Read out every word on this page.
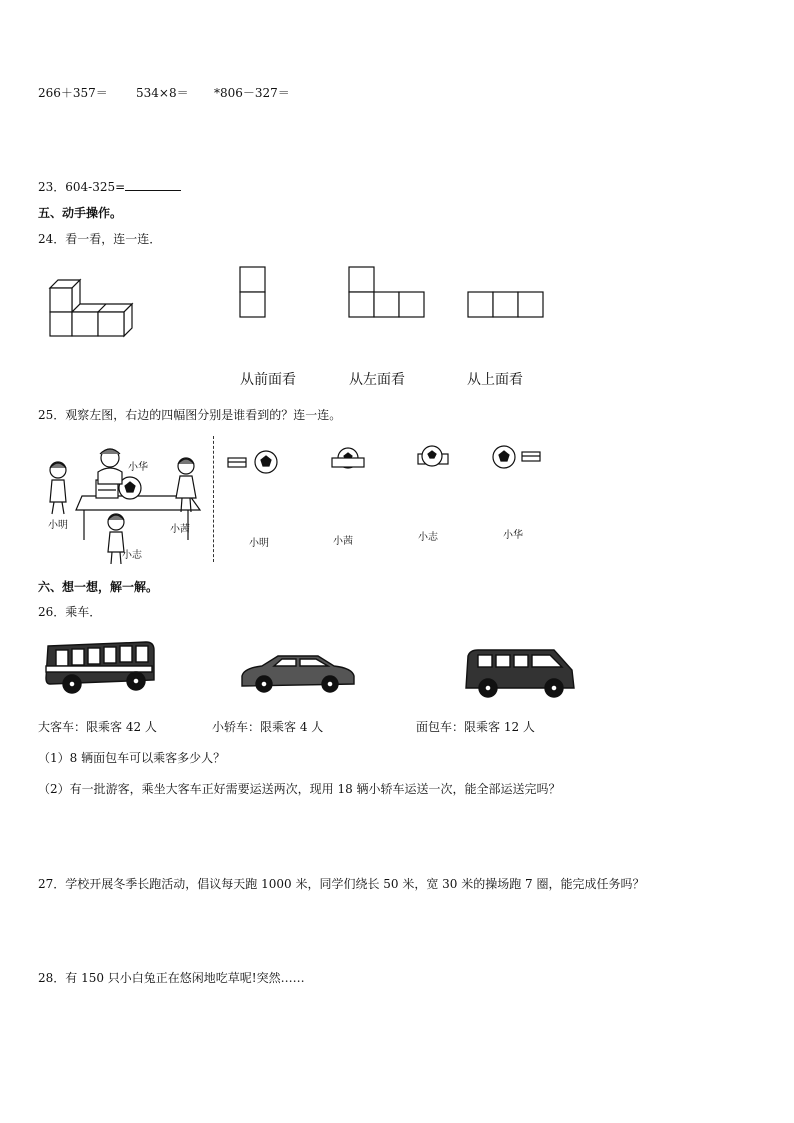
266＋357＝ 534×8＝ *806－327＝
23．604-325=
五、动手操作。
24．看一看，连一连．
从前面看	从左面看	从上面看
25．观察左图，右边的四幅图分别是谁看到的？连一连。
小华
小明	小茜
小志
小明	小茜	小志	小华
六、想一想，解一解。
26．乘车．
大客车：限乘客 42 人	小轿车：限乘客 4 人	面包车：限乘客 12 人
（1）8 辆面包车可以乘客多少人？
（2）有一批游客，乘坐大客车正好需要运送两次，现用 18 辆小轿车运送一次，能全部运送完吗？
27．学校开展冬季长跑活动，倡议每天跑 1000 米，同学们绕长 50 米，宽 30 米的操场跑 7 圈，能完成任务吗？
28．有 150 只小白兔正在悠闲地吃草呢!突然……
